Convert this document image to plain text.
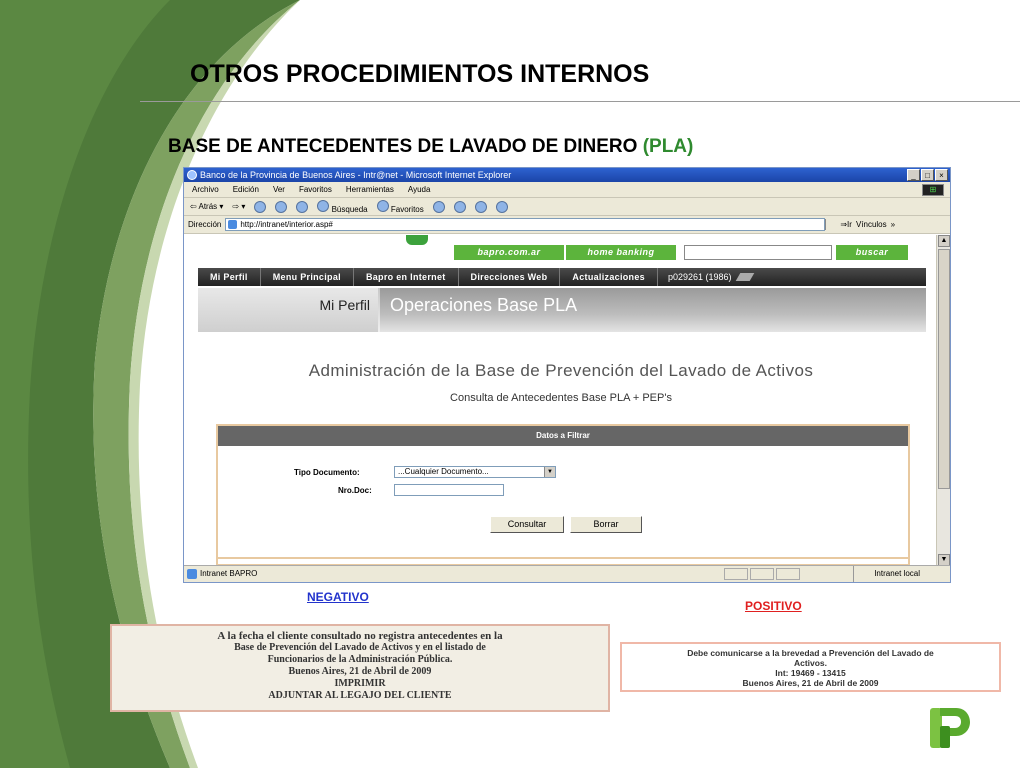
OTROS PROCEDIMIENTOS INTERNOS
BASE DE ANTECEDENTES DE LAVADO DE DINERO (PLA)
Banco de la Provincia de Buenos Aires - Intr@net - Microsoft Internet Explorer	_	□	×
Archivo Edición Ver Favoritos Herramientas Ayuda	⊞
⇦ Atrás ▾ ⇨ ▾	Búsqueda	Favoritos
Dirección	http://intranet/interior.asp#	⇒Ir Vínculos »
bapro.com.ar	home banking	buscar
Mi Perfil	Menu Principal	Bapro en Internet	Direcciones Web	Actualizaciones	p029261 (1986)
Mi Perfil	Operaciones Base PLA
Administración de la Base de Prevención del Lavado de Activos
Consulta de Antecedentes Base PLA + PEP's
Datos a Filtrar
Tipo Documento:	...Cualquier Documento...	▼
Nro.Doc:
Consultar	Borrar
▲
▼
Intranet BAPRO	Intranet local
NEGATIVO
POSITIVO
A la fecha el cliente consultado no registra antecedentes en la
Base de Prevención del Lavado de Activos y en el listado de
Funcionarios de la Administración Pública.
Buenos Aires, 21 de Abril de 2009
IMPRIMIR
ADJUNTAR AL LEGAJO DEL CLIENTE
Debe comunicarse a la brevedad a Prevención del Lavado de
Activos.
Int: 19469 - 13415
Buenos Aires, 21 de Abril de 2009
